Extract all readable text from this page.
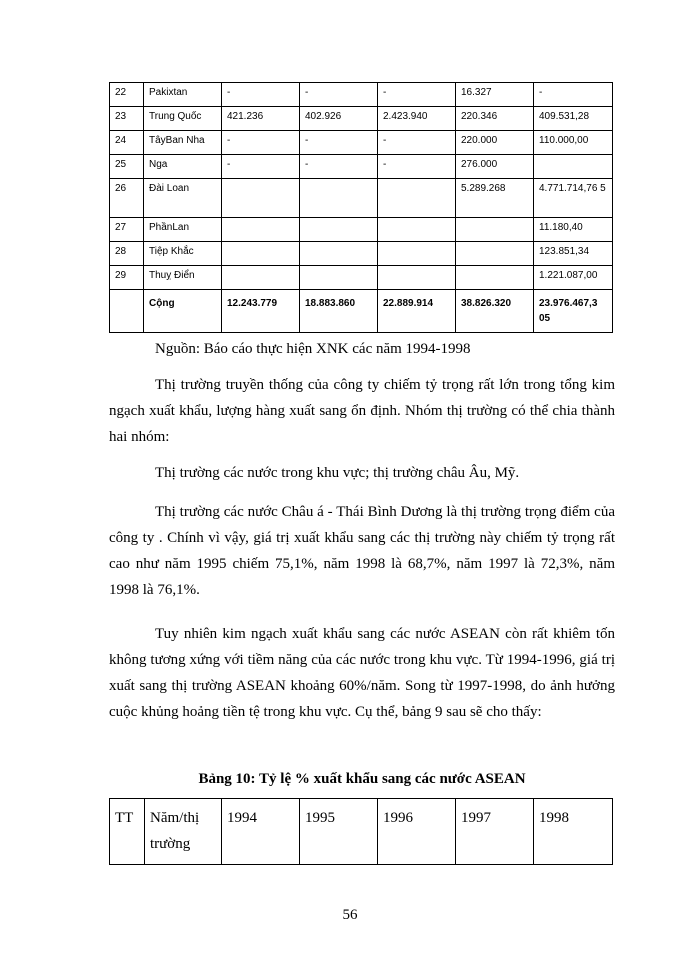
22	Pakixtan	-	-	-	16.327	-
23	Trung Quốc	421.236	402.926	2.423.940	220.346	409.531,28
24	TâyBan Nha	-	-	-	220.000	110.000,00
25	Nga	-	-	-	276.000	
26	Đài Loan				5.289.268	4.771.714,76 5
27	PhầnLan					11.180,40
28	Tiệp Khắc					123.851,34
29	Thuỵ Điển					1.221.087,00
	Cộng	12.243.779	18.883.860	22.889.914	38.826.320	23.976.467,3 05
Nguồn: Báo cáo thực hiện XNK các năm 1994-1998
Thị trường truyền thống của công ty chiếm tỷ trọng rất lớn trong tổng kim ngạch xuất khẩu, lượng hàng xuất sang ổn định. Nhóm thị trường có thể chia thành hai nhóm:
Thị trường các nước trong khu vực; thị trường châu Âu, Mỹ.
Thị trường các nước Châu á - Thái Bình Dương là thị trường trọng điểm của công ty . Chính vì vậy, giá trị xuất khẩu sang các thị trường này chiếm tỷ trọng rất cao như năm 1995 chiếm 75,1%, năm 1998 là 68,7%, năm 1997 là 72,3%, năm 1998 là 76,1%.
Tuy nhiên kim ngạch xuất khẩu sang các nước ASEAN còn rất khiêm tốn không tương xứng với tiềm năng của các nước trong khu vực. Từ 1994-1996, giá trị xuất sang thị trường ASEAN khoảng 60%/năm. Song từ 1997-1998, do ảnh hưởng cuộc khủng hoảng tiền tệ trong khu vực. Cụ thể, bảng 9 sau sẽ cho thấy:
Bảng 10: Tỷ lệ % xuất khẩu sang các nước ASEAN
TT	Năm/thị trường	1994	1995	1996	1997	1998
56
